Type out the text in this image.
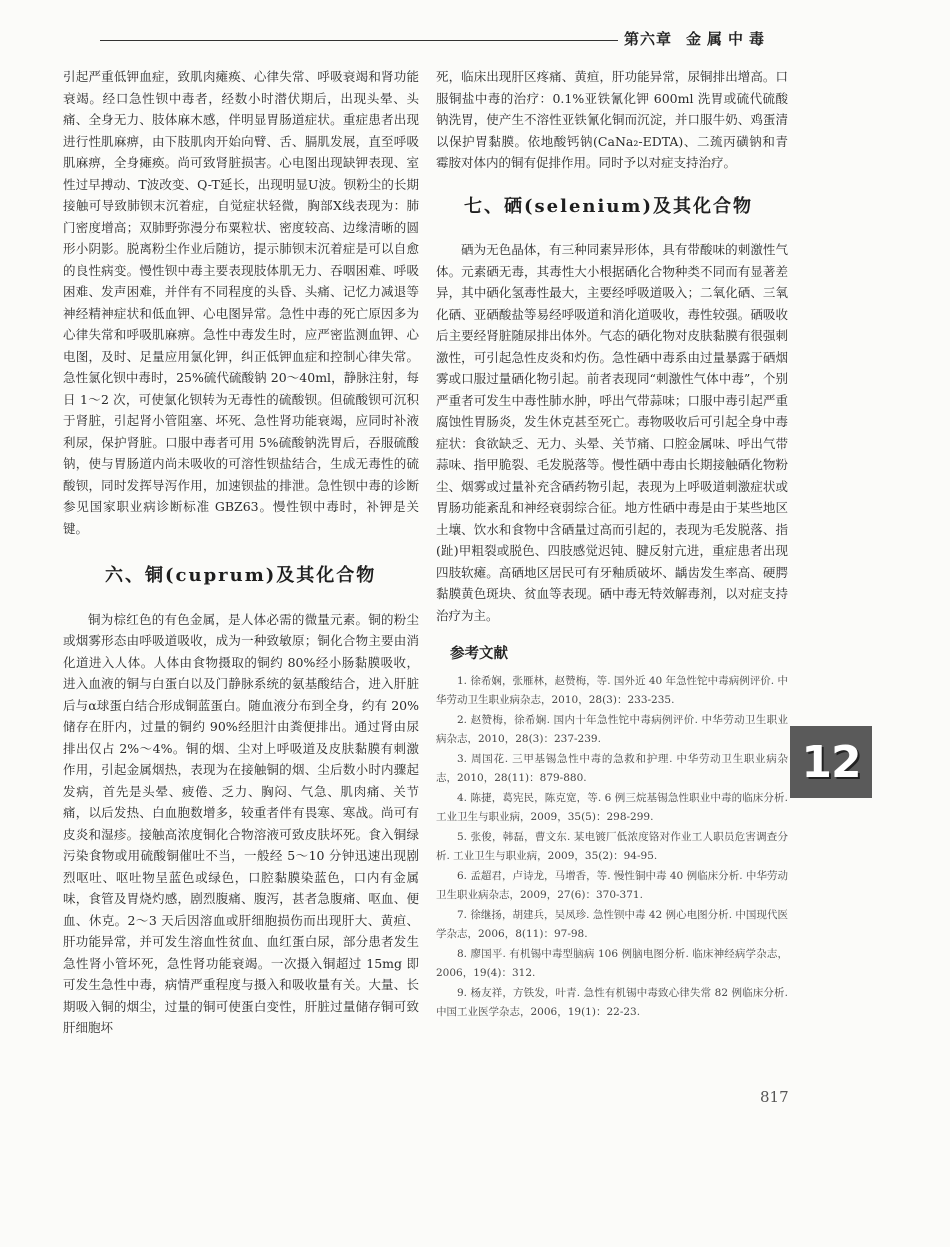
第六章 金属中毒

引起严重低钾血症，致肌肉瘫痪、心律失常、呼吸衰竭和肾功能衰竭。经口急性钡中毒者，经数小时潜伏期后，出现头晕、头痛、全身无力、肢体麻木感，伴明显胃肠道症状。重症患者出现进行性肌麻痹，由下肢肌肉开始向臂、舌、膈肌发展，直至呼吸肌麻痹，全身瘫痪。尚可致肾脏损害。心电图出现缺钾表现、室性过早搏动、T波改变、Q-T延长，出现明显U波。钡粉尘的长期接触可导致肺钡末沉着症，自觉症状轻微，胸部X线表现为：肺门密度增高；双肺野弥漫分布粟粒状、密度较高、边缘清晰的圆形小阴影。脱离粉尘作业后随访，提示肺钡末沉着症是可以自愈的良性病变。慢性钡中毒主要表现肢体肌无力、吞咽困难、呼吸困难、发声困难，并伴有不同程度的头昏、头痛、记忆力减退等神经精神症状和低血钾、心电图异常。急性中毒的死亡原因多为心律失常和呼吸肌麻痹。急性中毒发生时，应严密监测血钾、心电图，及时、足量应用氯化钾，纠正低钾血症和控制心律失常。急性氯化钡中毒时，25%硫代硫酸钠 20～40ml，静脉注射，每日 1～2 次，可使氯化钡转为无毒性的硫酸钡。但硫酸钡可沉积于肾脏，引起肾小管阻塞、坏死、急性肾功能衰竭，应同时补液利尿，保护肾脏。口服中毒者可用 5%硫酸钠洗胃后，吞服硫酸钠，使与胃肠道内尚未吸收的可溶性钡盐结合，生成无毒性的硫酸钡，同时发挥导泻作用，加速钡盐的排泄。急性钡中毒的诊断参见国家职业病诊断标准 GBZ63。慢性钡中毒时，补钾是关键。

六、铜(cuprum)及其化合物

铜为棕红色的有色金属，是人体必需的微量元素。铜的粉尘或烟雾形态由呼吸道吸收，成为一种致敏原；铜化合物主要由消化道进入人体。人体由食物摄取的铜约 80%经小肠黏膜吸收，进入血液的铜与白蛋白以及门静脉系统的氨基酸结合，进入肝脏后与α球蛋白结合形成铜蓝蛋白。随血液分布到全身，约有 20%储存在肝内，过量的铜约 90%经胆汁由粪便排出。通过肾由尿排出仅占 2%～4%。铜的烟、尘对上呼吸道及皮肤黏膜有刺激作用，引起金属烟热，表现为在接触铜的烟、尘后数小时内骤起发病，首先是头晕、疲倦、乏力、胸闷、气急、肌肉痛、关节痛，以后发热、白血胞数增多，较重者伴有畏寒、寒战。尚可有皮炎和湿疹。接触高浓度铜化合物溶液可致皮肤坏死。食入铜绿污染食物或用硫酸铜催吐不当，一般经 5～10 分钟迅速出现剧烈呕吐、呕吐物呈蓝色或绿色，口腔黏膜染蓝色，口内有金属味，食管及胃烧灼感，剧烈腹痛、腹泻，甚者急腹痛、呕血、便血、休克。2～3 天后因溶血或肝细胞损伤而出现肝大、黄疸、肝功能异常，并可发生溶血性贫血、血红蛋白尿，部分患者发生急性肾小管坏死，急性肾功能衰竭。一次摄入铜超过 15mg 即可发生急性中毒，病情严重程度与摄入和吸收量有关。大量、长期吸入铜的烟尘，过量的铜可使蛋白变性，肝脏过量储存铜可致肝细胞坏

死，临床出现肝区疼痛、黄疸，肝功能异常，尿铜排出增高。口服铜盐中毒的治疗：0.1%亚铁氰化钾 600ml 洗胃或硫代硫酸钠洗胃，使产生不溶性亚铁氰化铜而沉淀，并口服牛奶、鸡蛋清以保护胃黏膜。依地酸钙钠(CaNa₂-EDTA)、二巯丙磺钠和青霉胺对体内的铜有促排作用。同时予以对症支持治疗。

七、硒(selenium)及其化合物

硒为无色晶体，有三种同素异形体，具有带酸味的刺激性气体。元素硒无毒，其毒性大小根据硒化合物种类不同而有显著差异，其中硒化氢毒性最大，主要经呼吸道吸入；二氧化硒、三氧化硒、亚硒酸盐等易经呼吸道和消化道吸收，毒性较强。硒吸收后主要经肾脏随尿排出体外。气态的硒化物对皮肤黏膜有很强刺激性，可引起急性皮炎和灼伤。急性硒中毒系由过量暴露于硒烟雾或口服过量硒化物引起。前者表现同“刺激性气体中毒”，个别严重者可发生中毒性肺水肿，呼出气带蒜味；口服中毒引起严重腐蚀性胃肠炎，发生休克甚至死亡。毒物吸收后可引起全身中毒症状：食欲缺乏、无力、头晕、关节痛、口腔金属味、呼出气带蒜味、指甲脆裂、毛发脱落等。慢性硒中毒由长期接触硒化物粉尘、烟雾或过量补充含硒药物引起，表现为上呼吸道刺激症状或胃肠功能紊乱和神经衰弱综合征。地方性硒中毒是由于某些地区土壤、饮水和食物中含硒量过高而引起的，表现为毛发脱落、指(趾)甲粗裂或脱色、四肢感觉迟钝、腱反射亢进，重症患者出现四肢软瘫。高硒地区居民可有牙釉质破坏、龋齿发生率高、硬腭黏膜黄色斑块、贫血等表现。硒中毒无特效解毒剂，以对症支持治疗为主。

参考文献
1. 徐希娴，张雁林，赵赞梅，等. 国外近 40 年急性铊中毒病例评价. 中华劳动卫生职业病杂志，2010，28(3)：233-235.
2. 赵赞梅，徐希娴. 国内十年急性铊中毒病例评价. 中华劳动卫生职业病杂志，2010，28(3)：237-239.
3. 周国花. 三甲基锡急性中毒的急救和护理. 中华劳动卫生职业病杂志，2010，28(11)：879-880.
4. 陈捷，葛宪民，陈克宽，等. 6 例三烷基锡急性职业中毒的临床分析. 工业卫生与职业病，2009，35(5)：298-299.
5. 张俊，韩磊，曹文东. 某电镀厂低浓度铬对作业工人职员危害调查分析. 工业卫生与职业病，2009，35(2)：94-95.
6. 孟超君，卢诗龙，马增香，等. 慢性铜中毒 40 例临床分析. 中华劳动卫生职业病杂志，2009，27(6)：370-371.
7. 徐继扬，胡建兵，吴凤珍. 急性钡中毒 42 例心电图分析. 中国现代医学杂志，2006，8(11)：97-98.
8. 廖国平. 有机锡中毒型脑病 106 例脑电图分析. 临床神经病学杂志，2006，19(4)：312.
9. 杨友祥，方铁发，叶青. 急性有机锡中毒致心律失常 82 例临床分析. 中国工业医学杂志，2006，19(1)：22-23.
12
817
